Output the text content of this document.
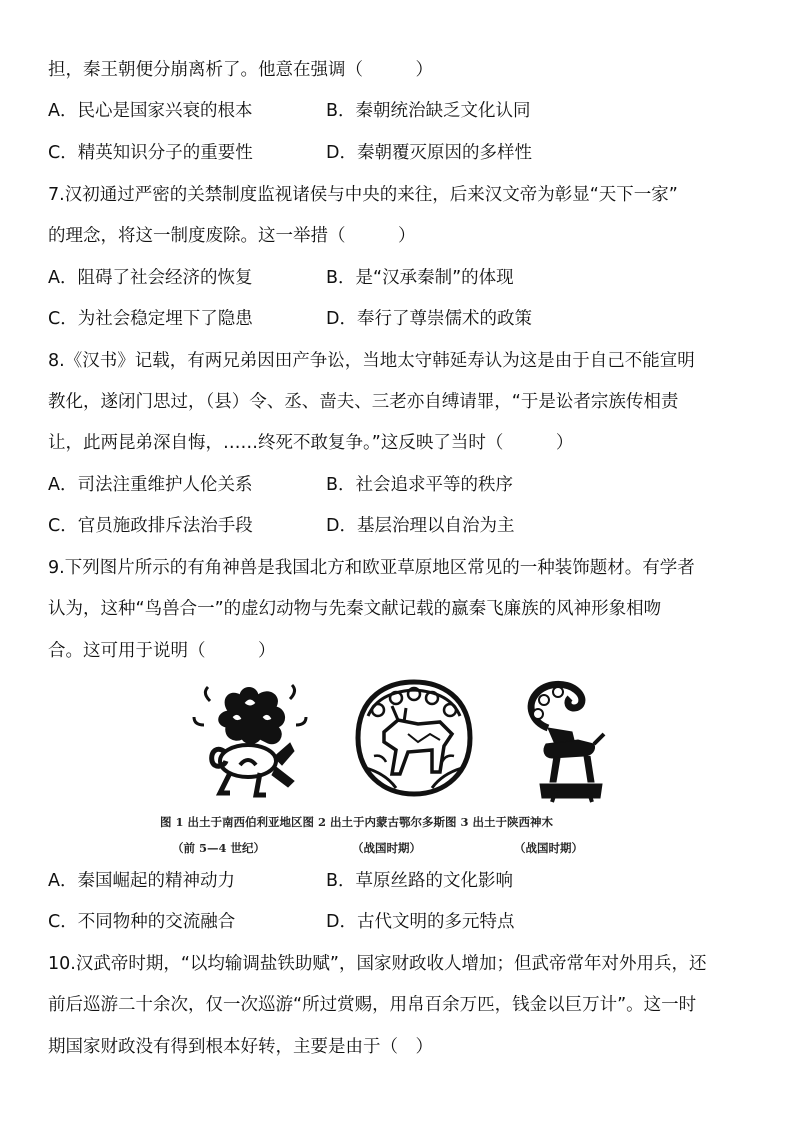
担，秦王朝便分崩离析了。他意在强调（　　　）
A．民心是国家兴衰的根本	B．秦朝统治缺乏文化认同
C．精英知识分子的重要性	D．秦朝覆灭原因的多样性
7.汉初通过严密的关禁制度监视诸侯与中央的来往，后来汉文帝为彰显“天下一家”
的理念，将这一制度废除。这一举措（　　　）
A．阻碍了社会经济的恢复	B．是“汉承秦制”的体现
C．为社会稳定埋下了隐患	D．奉行了尊崇儒术的政策
8.《汉书》记载，有两兄弟因田产争讼，当地太守韩延寿认为这是由于自己不能宣明
教化，遂闭门思过，（县）令、丞、啬夫、三老亦自缚请罪，“于是讼者宗族传相责
让，此两昆弟深自悔，……终死不敢复争。”这反映了当时（　　　）
A．司法注重维护人伦关系	B．社会追求平等的秩序
C．官员施政排斥法治手段	D．基层治理以自治为主
9.下列图片所示的有角神兽是我国北方和欧亚草原地区常见的一种装饰题材。有学者
认为，这种“鸟兽合一”的虚幻动物与先秦文献记载的嬴秦飞廉族的风神形象相吻
合。这可用于说明（　　　）
图 1 出土于南西伯利亚地区图 2 出土于内蒙古鄂尔多斯图 3 出土于陕西神木
（前 5—4 世纪）	（战国时期）	（战国时期）
A．秦国崛起的精神动力	B．草原丝路的文化影响
C．不同物种的交流融合	D．古代文明的多元特点
10.汉武帝时期，“以均输调盐铁助赋”，国家财政收人增加；但武帝常年对外用兵，还
前后巡游二十余次，仅一次巡游“所过赏赐，用帛百余万匹，钱金以巨万计”。这一时
期国家财政没有得到根本好转，主要是由于（　）
